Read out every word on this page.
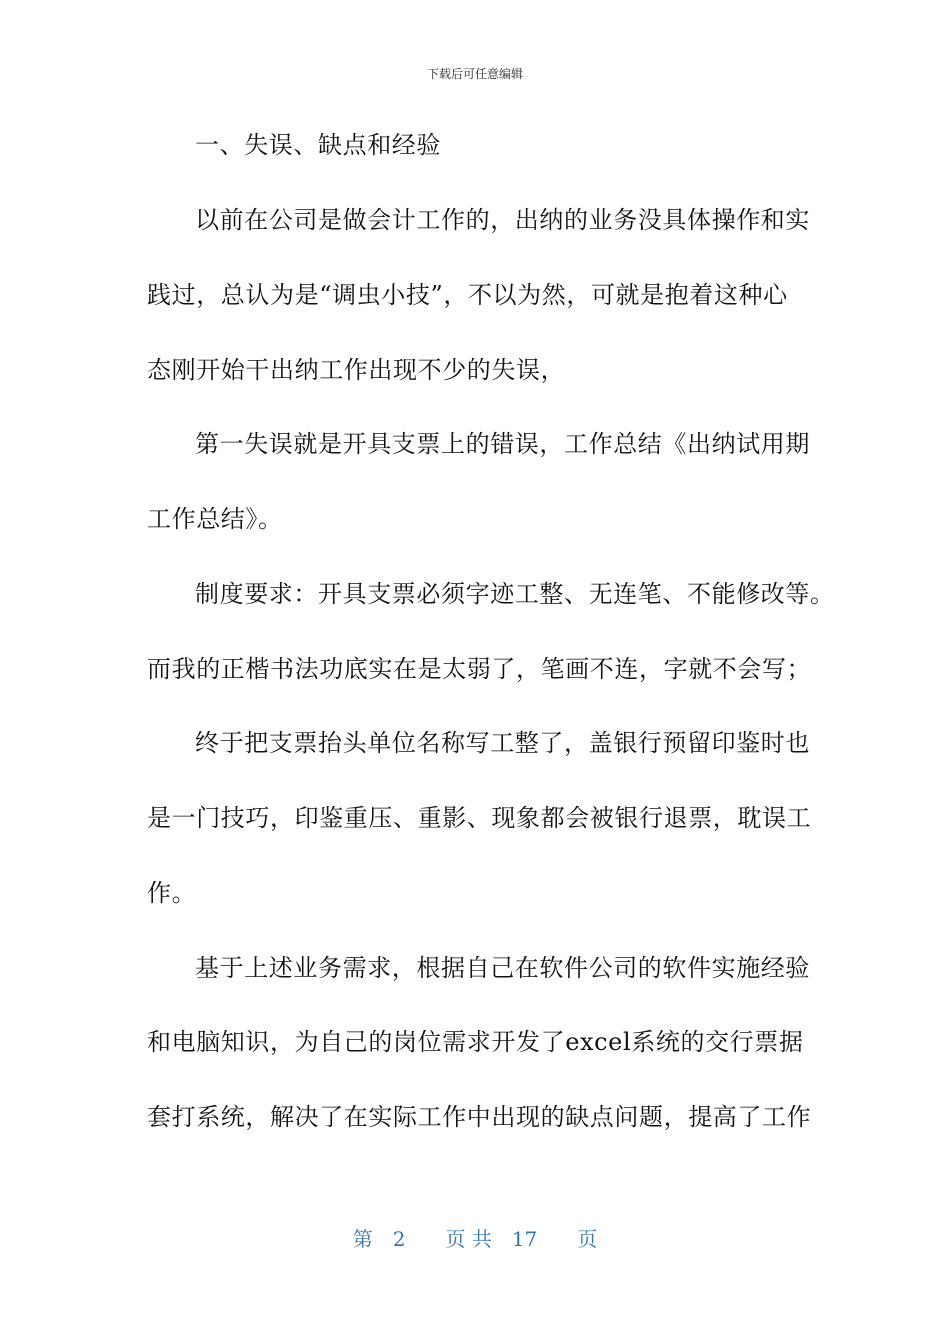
下载后可任意编辑
一、失误、缺点和经验
以前在公司是做会计工作的，出纳的业务没具体操作和实
践过，总认为是“调虫小技”，不以为然，可就是抱着这种心
态刚开始干出纳工作出现不少的失误，
第一失误就是开具支票上的错误，工作总结《出纳试用期
工作总结》。
制度要求：开具支票必须字迹工整、无连笔、不能修改等。
而我的正楷书法功底实在是太弱了，笔画不连，字就不会写；
终于把支票抬头单位名称写工整了，盖银行预留印鉴时也
是一门技巧，印鉴重压、重影、现象都会被银行退票，耽误工
作。
基于上述业务需求，根据自己在软件公司的软件实施经验
和电脑知识，为自己的岗位需求开发了excel系统的交行票据
套打系统，解决了在实际工作中出现的缺点问题，提高了工作
第　2　　页 共　17　　页
